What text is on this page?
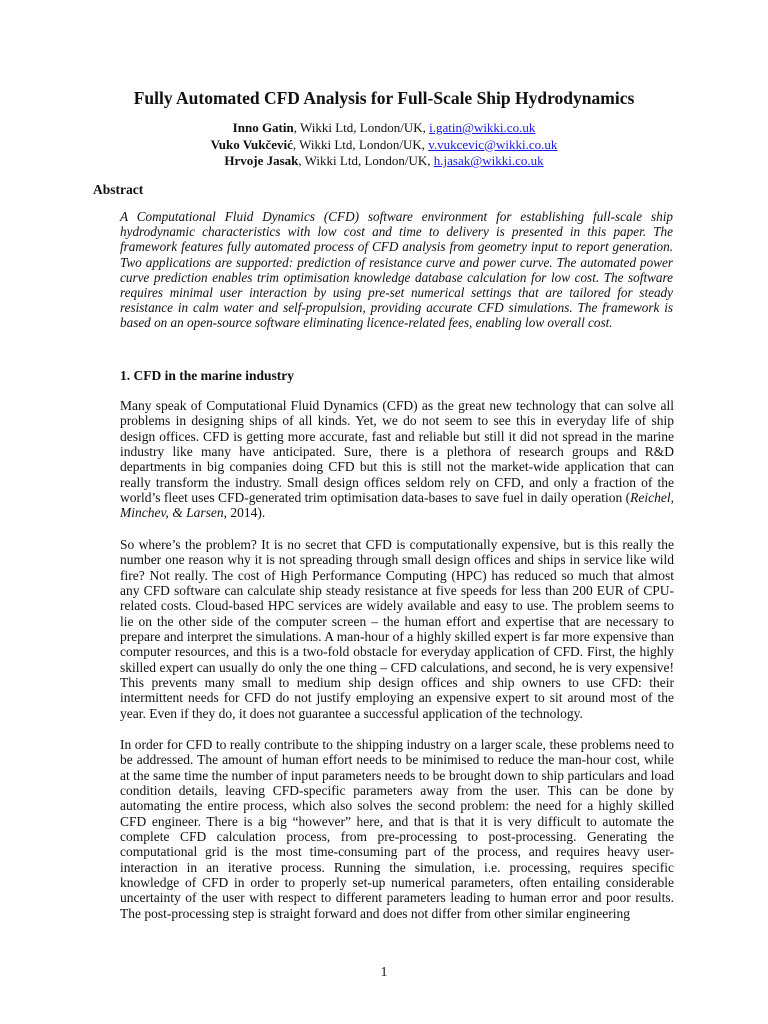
Fully Automated CFD Analysis for Full-Scale Ship Hydrodynamics
Inno Gatin, Wikki Ltd, London/UK, i.gatin@wikki.co.uk
Vuko Vukčević, Wikki Ltd, London/UK, v.vukcevic@wikki.co.uk
Hrvoje Jasak, Wikki Ltd, London/UK, h.jasak@wikki.co.uk
Abstract

A Computational Fluid Dynamics (CFD) software environment for establishing full-scale ship hydrodynamic characteristics with low cost and time to delivery is presented in this paper. The framework features fully automated process of CFD analysis from geometry input to report generation. Two applications are supported: prediction of resistance curve and power curve. The automated power curve prediction enables trim optimisation knowledge database calculation for low cost. The software requires minimal user interaction by using pre-set numerical settings that are tailored for steady resistance in calm water and self-propulsion, providing accurate CFD simulations. The framework is based on an open-source software eliminating licence-related fees, enabling low overall cost.

1. CFD in the marine industry

Many speak of Computational Fluid Dynamics (CFD) as the great new technology that can solve all problems in designing ships of all kinds. Yet, we do not seem to see this in everyday life of ship design offices. CFD is getting more accurate, fast and reliable but still it did not spread in the marine industry like many have anticipated. Sure, there is a plethora of research groups and R&D departments in big companies doing CFD but this is still not the market-wide application that can really transform the industry. Small design offices seldom rely on CFD, and only a fraction of the world’s fleet uses CFD-generated trim optimisation data-bases to save fuel in daily operation (Reichel, Minchev, & Larsen, 2014).

So where’s the problem? It is no secret that CFD is computationally expensive, but is this really the number one reason why it is not spreading through small design offices and ships in service like wild fire? Not really. The cost of High Performance Computing (HPC) has reduced so much that almost any CFD software can calculate ship steady resistance at five speeds for less than 200 EUR of CPU-related costs. Cloud-based HPC services are widely available and easy to use. The problem seems to lie on the other side of the computer screen – the human effort and expertise that are necessary to prepare and interpret the simulations. A man-hour of a highly skilled expert is far more expensive than computer resources, and this is a two-fold obstacle for everyday application of CFD. First, the highly skilled expert can usually do only the one thing – CFD calculations, and second, he is very expensive! This prevents many small to medium ship design offices and ship owners to use CFD: their intermittent needs for CFD do not justify employing an expensive expert to sit around most of the year. Even if they do, it does not guarantee a successful application of the technology.

In order for CFD to really contribute to the shipping industry on a larger scale, these problems need to be addressed. The amount of human effort needs to be minimised to reduce the man-hour cost, while at the same time the number of input parameters needs to be brought down to ship particulars and load condition details, leaving CFD-specific parameters away from the user. This can be done by automating the entire process, which also solves the second problem: the need for a highly skilled CFD engineer. There is a big “however” here, and that is that it is very difficult to automate the complete CFD calculation process, from pre-processing to post-processing. Generating the computational grid is the most time-consuming part of the process, and requires heavy user-interaction in an iterative process. Running the simulation, i.e. processing, requires specific knowledge of CFD in order to properly set-up numerical parameters, often entailing considerable uncertainty of the user with respect to different parameters leading to human error and poor results. The post-processing step is straight forward and does not differ from other similar engineering

1
